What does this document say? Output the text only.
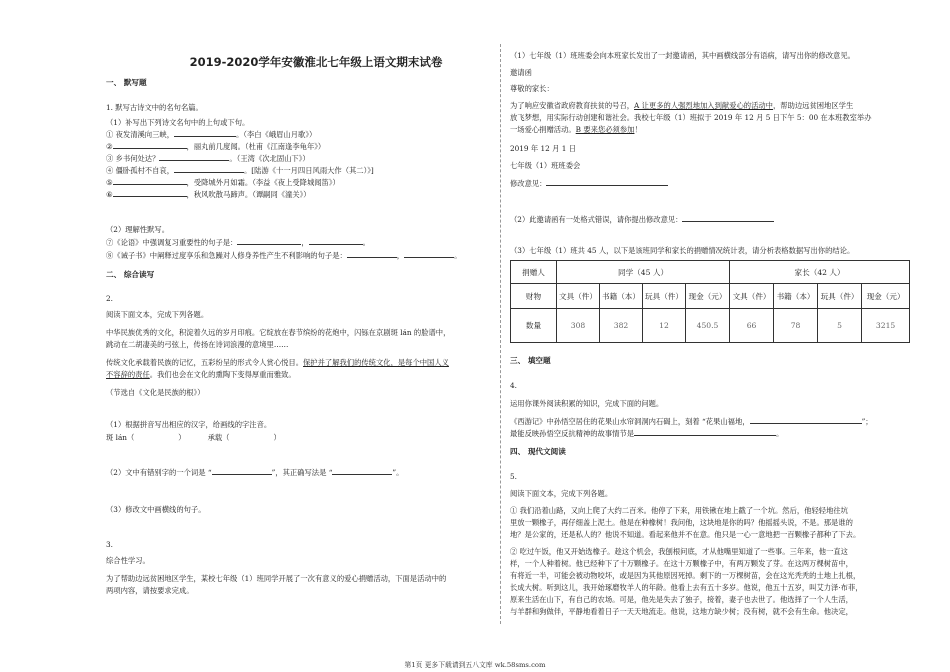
2019-2020学年安徽淮北七年级上语文期末试卷
一、 默写题
1. 默写古诗文中的名句名篇。
（1）补写出下列诗文名句中的上句或下句。
① 夜发清溪向三峡，	。（李白《峨眉山月歌》）
②	，丽丸前几度闻。（杜甫《江南逢李龟年》）
③ 乡书何处达？	。（王湾《次北固山下》）
④ 僵卧孤村不自哀，	。[陆游《十一月四日风雨大作（其二）》]
⑤	，受降城外月如霜。（李益《夜上受降城闻笛》）
⑥	，秋风吹散马蹄声。（谭嗣同《潼关》）
（2）理解性默写。
⑦《论语》中强调复习重要性的句子是：	，	。
⑧《诫子书》中阐释过度享乐和急躁对人修身养性产生不利影响的句子是：	，	。
二、 综合读写
2.
阅读下面文本，完成下列各题。
中华民族优秀的文化，积淀着久远的岁月印痕。它绽放在春节缤纷的花炮中，闪铄在京剧斑 lán 的脸谱中，
跳动在二胡凄美的弓弦上，传扬在诗词浪漫的意境里……
传统文化承载着民族的记忆，五彩纷呈的形式令人赏心悦目。保护并了解我们的传统文化，是每个中国人义
不容辞的责任。我们也会在文化的熏陶下变得厚重而雅致。
（节选自《文化是民族的根》）
（1）根据拼音写出相应的汉字，给画线的字注音。
斑 lán（	）	承载（	）
（2）文中有错别字的一个词是 “	”，其正确写法是 “	”。
（3）修改文中画横线的句子。
3.
综合性学习。
为了帮助边远贫困地区学生，某校七年级（1）班同学开展了一次有意义的爱心捐赠活动，下面是活动中的
两项内容，请按要求完成。
（1）七年级（1）班班委会向本班家长发出了一封邀请函，其中画横线部分有语病，请写出你的修改意见。
邀请函
尊敬的家长：
为了响应安徽省政府教育扶贫的号召，A 让更多的人强烈地加入到献爱心的活动中，帮助边远贫困地区学生
放飞梦想，用实际行动创建和谐社会。我校七年级（1）班拟于 2019 年 12 月 5 日下午 5：00 在本班教室举办
一场爱心捐赠活动。B 要来您必须参加！
2019 年 12 月 1 日
七年级（1）班班委会
修改意见：
（2）此邀请函有一处格式错误，请你提出修改意见：
（3）七年级（1）班共 45 人，以下是该班同学和家长的捐赠情况统计表，请分析表格数据写出你的结论。
捐赠人	同学（45 人）				家长（42 人）			
财物	文具（件）	书籍（本）	玩具（件）	现金（元）	文具（件）	书籍（本）	玩具（件）	现金（元）
数量	308	382	12	450.5	66	78	5	3215
三、 填空题
4.
运用你课外阅读积累的知识，完成下面的问题。
《西游记》中孙悟空居住的花果山水帘洞洞内石碣上，刻着 “花果山福地，	”；
最能反映孙悟空反抗精神的故事情节是	。
四、 现代文阅读
5.
阅读下面文本，完成下列各题。
① 我们沿着山路，又向上爬了大约二百米。他停了下来，用铁锹在地上戳了一个坑。然后，他轻轻地往坑
里放一颗橡子，再仔细盖上泥土。他是在种橡树！我问他，这块地是你的吗？他摇摇头说，不是。那是谁的
地？是公家的，还是私人的？他说不知道。看起来他并不在意。他只是一心一意地把一百颗橡子都种了下去。
② 吃过午饭，他又开始选橡子。趁这个机会，我刨根问底，才从他嘴里知道了一些事。三年来，他一直这
样，一个人种着树。他已经种下了十万颗橡子。在这十万颗橡子中，有两万颗发了芽。在这两万棵树苗中，
有将近一半，可能会被动物咬坏，或是因为其他原因死掉。剩下的一万棵树苗，会在这光秃秃的土地上扎根，
长成大树。听到这儿，我开始琢磨牧羊人的年龄。他看上去有五十多岁。他说，他五十五岁，叫艾力泽·布菲，
原来生活在山下，有自己的农场。可是，他先是失去了独子，接着，妻子也去世了。他选择了一个人生活，
与羊群和狗做伴，平静地看着日子一天天地流走。他说，这地方缺少树；没有树，就不会有生命。他决定，
第1页 更多下载请到五八文库 wk.58sms.com
